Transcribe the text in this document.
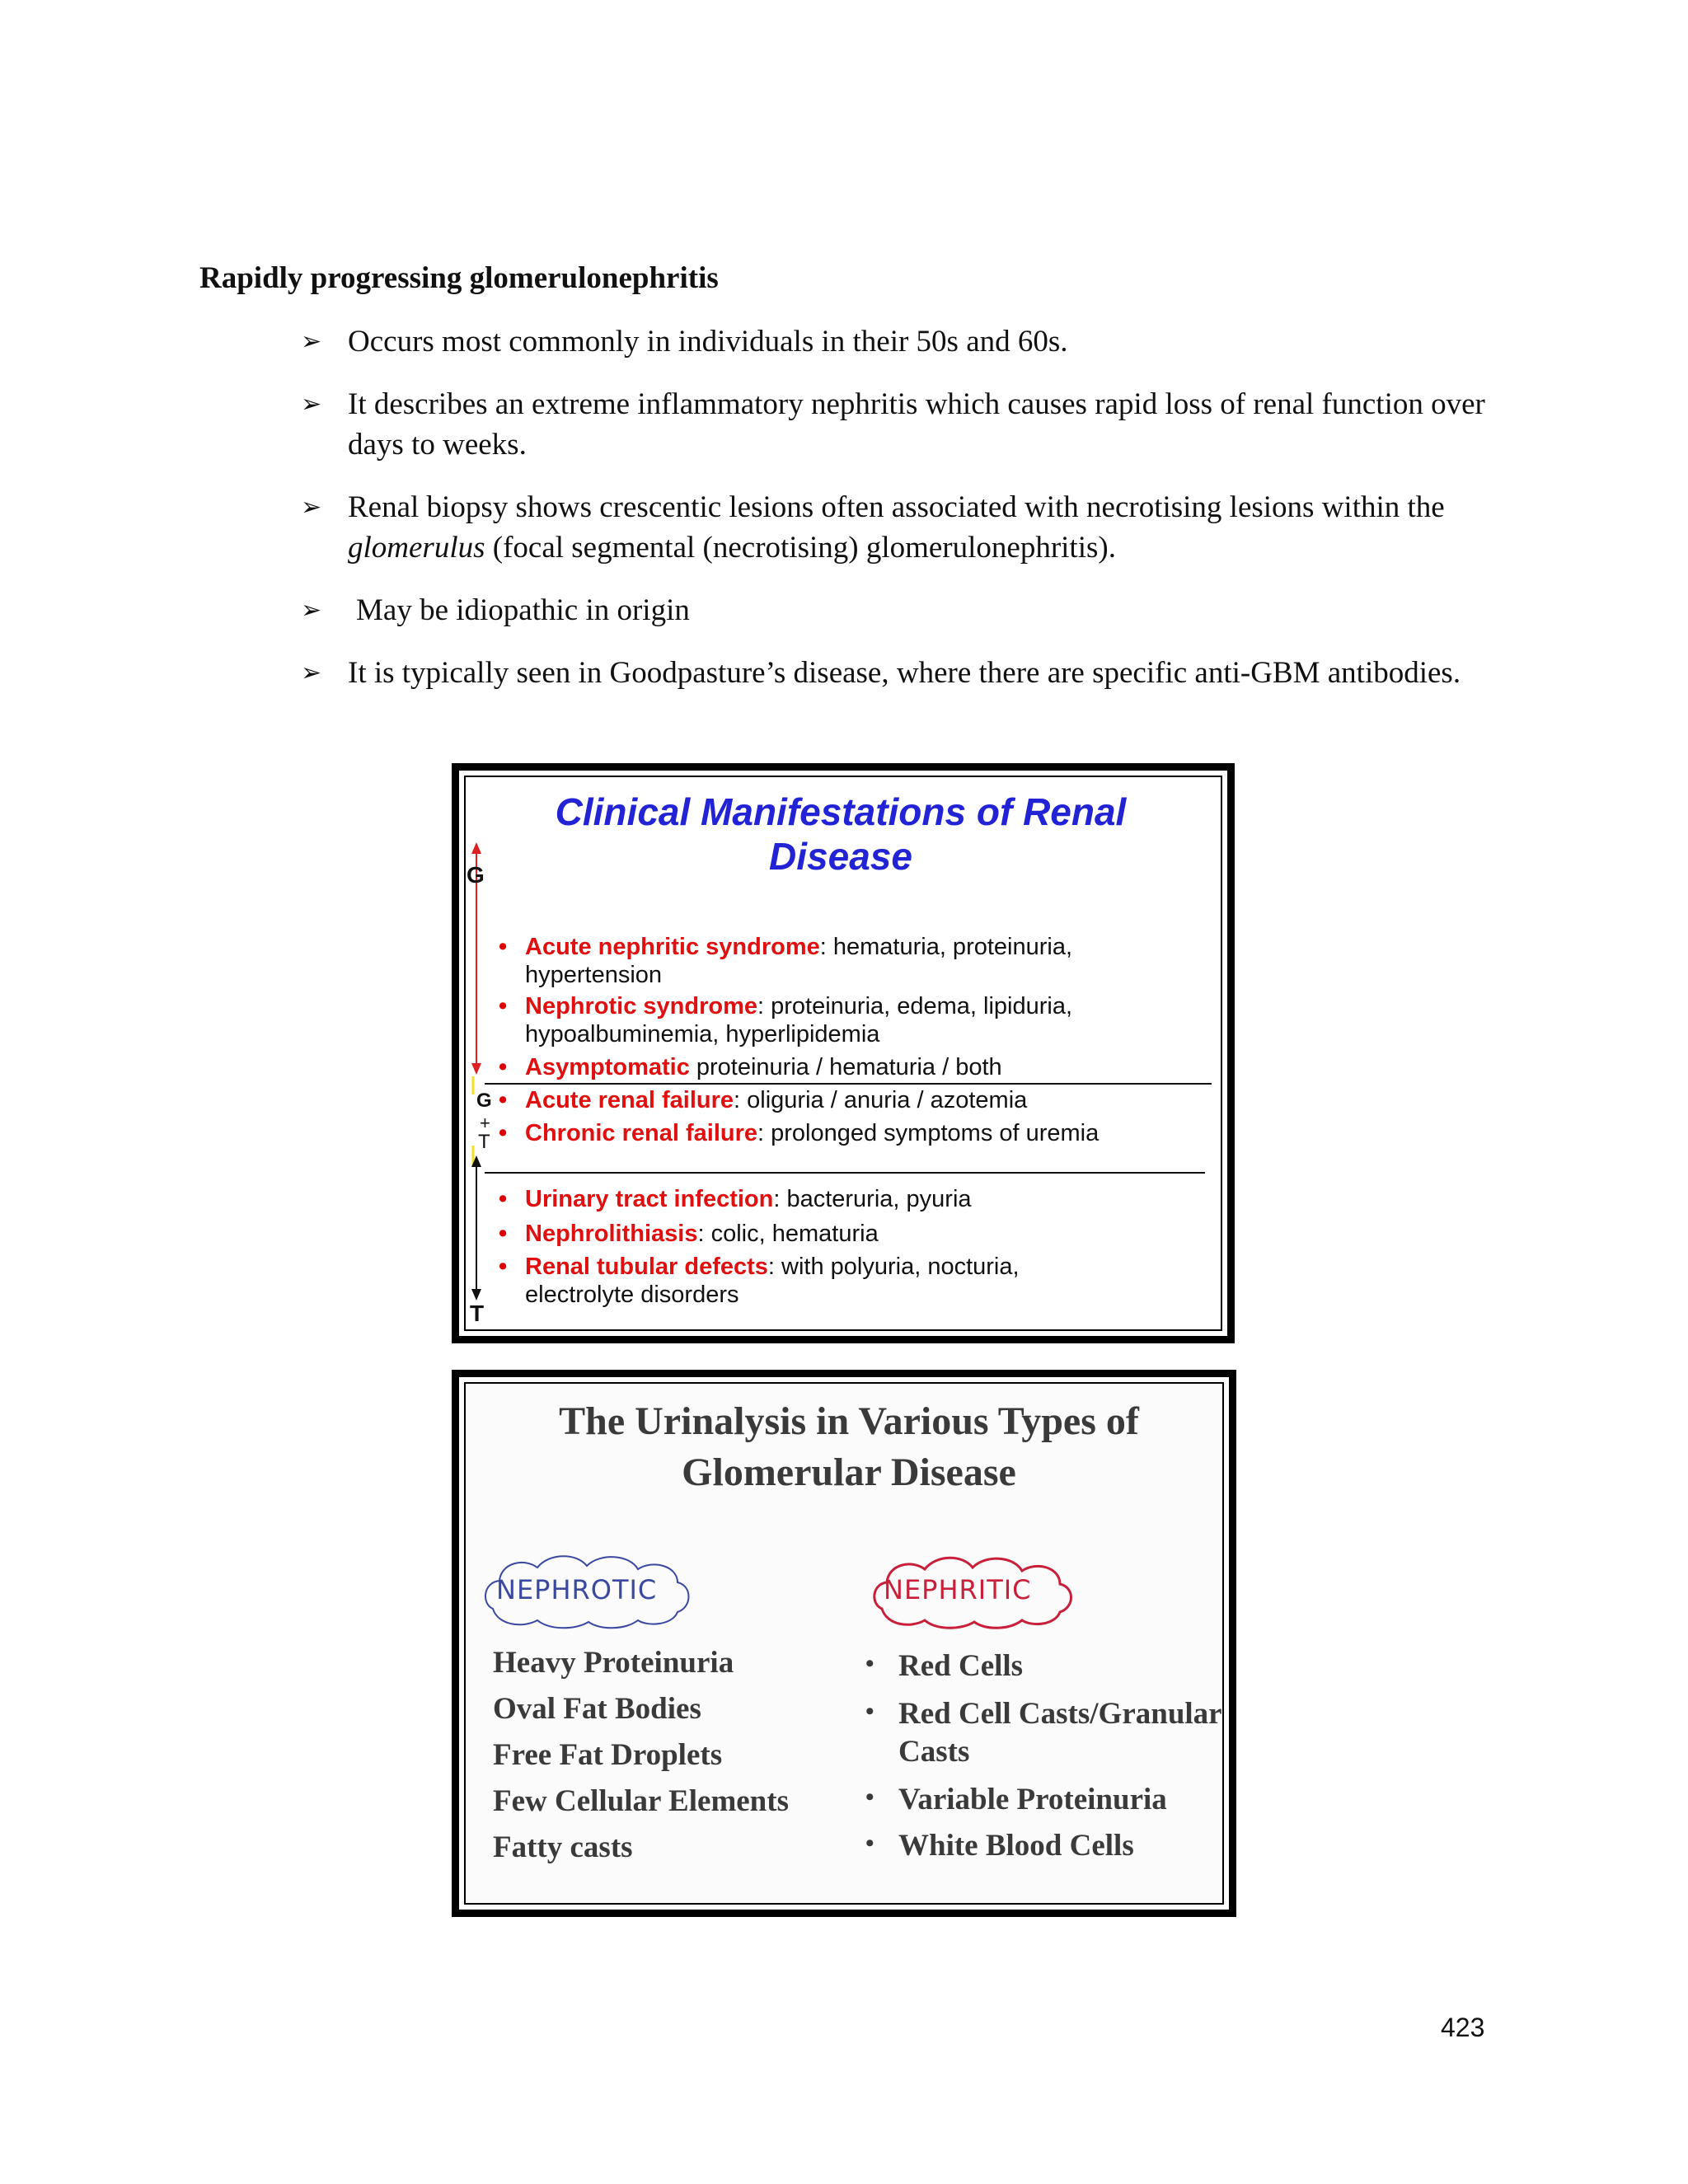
Rapidly progressing glomerulonephritis
➢ Occurs most commonly in individuals in their 50s and 60s.
➢ It describes an extreme inflammatory nephritis which causes rapid loss of renal function over days to weeks.
➢ Renal biopsy shows crescentic lesions often associated with necrotising lesions within the glomerulus (focal segmental (necrotising) glomerulonephritis).
➢ May be idiopathic in origin
➢ It is typically seen in Goodpasture’s disease, where there are specific anti-GBM antibodies.
Clinical Manifestations of Renal
Disease
G
G
+
T
T
• Acute nephritic syndrome: hematuria, proteinuria, hypertension
• Nephrotic syndrome: proteinuria, edema, lipiduria, hypoalbuminemia, hyperlipidemia
• Asymptomatic proteinuria / hematuria / both
• Acute renal failure: oliguria / anuria / azotemia
• Chronic renal failure: prolonged symptoms of uremia
• Urinary tract infection: bacteruria, pyuria
• Nephrolithiasis: colic, hematuria
• Renal tubular defects: with polyuria, nocturia, electrolyte disorders
The Urinalysis in Various Types of
Glomerular Disease
NEPHROTIC	NEPHRITIC
Heavy Proteinuria
Oval Fat Bodies
Free Fat Droplets
Few Cellular Elements
Fatty casts
• Red Cells
• Red Cell Casts/Granular
Casts
• Variable Proteinuria
• White Blood Cells
423
